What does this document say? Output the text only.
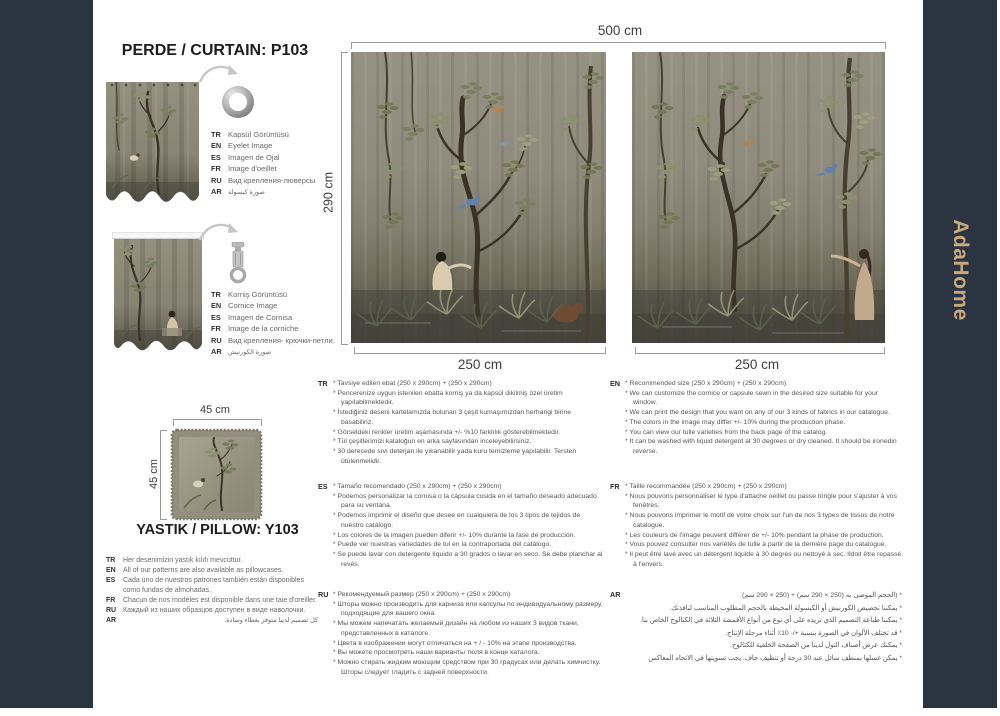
AdaHome
PERDE / CURTAIN: P103
TR Kapsül Görüntüsü
EN Eyelet Image
ES Imagen de Ojal
FR Image d'oeillet
RU Вид крепления-люверсы
AR صورة كبسولة
TR Korniş Görüntüsü
EN Cornice Image
ES Imagen de Cornisa
FR Image de la corniche
RU Вид крепления- крючки-петли.
AR صورة الكورنيش
45 cm
45 cm
YASTIK / PILLOW: Y103
TR	Her desenimizin yastık kılıfı mevcuttur.
EN	All of our patterns are also available as pillowcases.
ES	Cada uno de nuestros patrones también están disponibles como fundas de almohadas.
FR	Chacun de nos modèles est disponible dans une taie d'oreiller.
RU Каждый из наших образцов доступен в виде наволочки.
AR	كل تصميم لدينا متوفر بغطاء وسادة.
500 cm
290 cm
250 cm	250 cm
TR * Tavsiye edilen ebat (250 x 290cm) + (250 x 290cm)

* Pencerenize uygun istenilen ebatta korniş ya da kapsül dikilmiş özel üretim yapılabilmektedir.

* İstediğiniz deseni kartelamızda bulunan 3 çeşit kumaşımızdan herhangi birine basabiliriz.

* Görseldeki renkler üretim aşamasında +/- %10 farklılık gösterebilmektedir.

* Tül çeşitlerimizi kataloğun en arka sayfasından inceleyebilirsiniz.

* 30 derecede sıvı deterjan ile yıkanabilir yada kuru temizleme yapılabilir. Tersten ütülenmelidir.

EN * Recommended size (250 x 290cm) + (250 x 290cm)

* We can customize the cornice or capsule sewn in the desired size suitable for your window.

* We can print the design that you want on any of our 3 kinds of fabrics in our catalogue.

* The colors in the image may differ +/- 10% during the production phase.

* You can view our tulle varieties from the back page of the catalog.

* It can be washed with liquid detergent at 30 degrees or dry cleaned. It should be ironedin reverse.

ES * Tamaño recomendado (250 x 290cm) + (250 x 290cm)

* Podemos personalizar la cornisa o la cápsula cosida en el tamaño deseado adecuado para su ventana.

* Podemos imprimir el diseño que desee en cualquiera de los 3 tipos de tejidos de nuestro catálogo.

* Los colores de la imagen pueden diferir +/- 10% durante la fase de producción.

* Puede ver nuestras variedades de tul en la contraportada del catálogo.

* Se puede lavar con detergente líquido a 30 grados o lavar en seco. Se debe planchar al revés.

FR * Taille recommandée (250 x 290cm) + (250 x 290cm)

* Nous pouvons personnaliser le type d'attache oeillet ou passe tringle pour s'ajuster à vos fenêtres.

* Nous pouvons imprimer le motif de votre choix sur l'un de nos 3 types de tissus de notre catalogue.

* Les couleurs de l'image peuvent différer de +/- 10% pendant la phase de production.

* Vous pouvez consulter nos variétés de tulle à partir de la dernière page du catalogue.

* Il peut être lavé avec un détergent liquide à 30 degrés ou nettoyé à sec. Ildoit être repassé à l'envers

RU * Рекомендуемый размер (250 x 290cm) + (250 x 290cm)

* Шторы можно производить для карниза или капсулы по индивидуальному размеру, подходящие для вашего окна.

* Мы можем напечатать желаемый дизайн на любом из наших 3 видов ткани, представленных в каталоге.

* Цвета в изображении могут отличаться на + / - 10% на этапе производства.

* Вы можете просмотреть наши варианты тюля в конце каталога.

* Можно стирать жидким моющим средством при 30 градусах или делать химчистку. Шторы следует гладить с задней поверхности.

AR	* (الحجم الموصى به (250 × 290 سم) + (250 × 290 سم)

* يمكننا تخصيص الكورنيش أو الكبسولة المخيطة بالحجم المطلوب المناسب لنافذتك.

* يمكننا طباعة التصميم الذي تريده على أي نوع من أنواع الأقمشة الثلاثة في الكتالوج الخاص بنا.

* قد تختلف الألوان في الصورة بنسبة +/- 10٪ أثناء مرحلة الإنتاج.

* يمكنك عرض أصناف التول لدينا من الصفحة الخلفية للكتالوج.

* يمكن غسلها بمنظف سائل عند 30 درجة أو تنظيف جاف. يجب تسويتها في الاتجاه المعاكس
